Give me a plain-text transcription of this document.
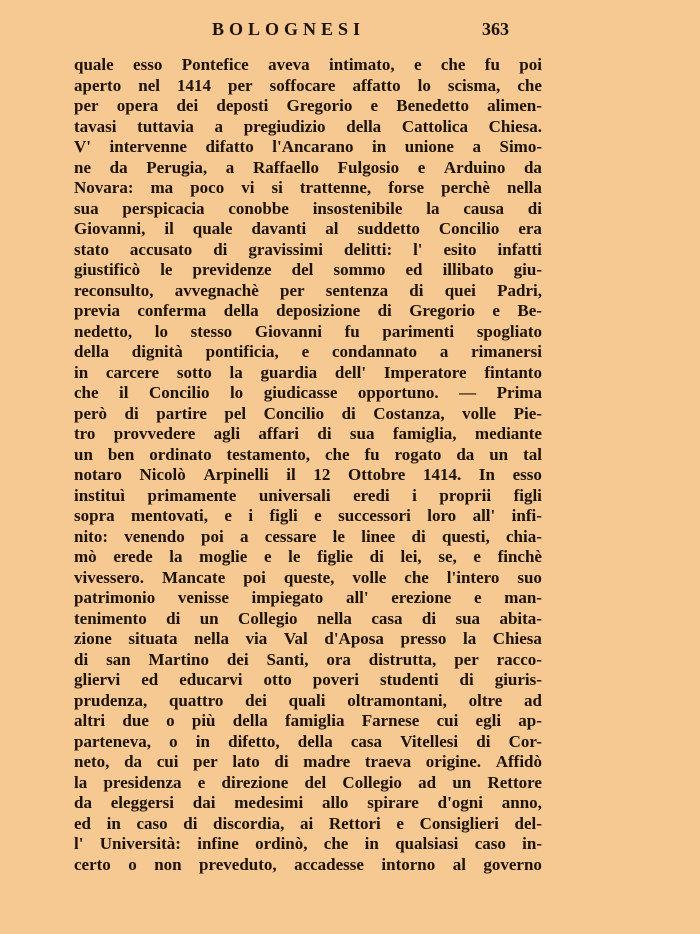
BOLOGNESI	363
quale esso Pontefice aveva intimato, e che fu poi
aperto nel 1414 per soffocare affatto lo scisma, che
per opera dei deposti Gregorio e Benedetto alimen-
tavasi tuttavia a pregiudizio della Cattolica Chiesa.
V' intervenne difatto l'Ancarano in unione a Simo-
ne da Perugia, a Raffaello Fulgosio e Arduino da
Novara: ma poco vi si trattenne, forse perchè nella
sua perspicacia conobbe insostenibile la causa di
Giovanni, il quale davanti al suddetto Concilio era
stato accusato di gravissimi delitti: l' esito infatti
giustificò le previdenze del sommo ed illibato giu-
reconsulto, avvegnachè per sentenza di quei Padri,
previa conferma della deposizione di Gregorio e Be-
nedetto, lo stesso Giovanni fu parimenti spogliato
della dignità pontificia, e condannato a rimanersi
in carcere sotto la guardia dell' Imperatore fintanto
che il Concilio lo giudicasse opportuno. — Prima
però di partire pel Concilio di Costanza, volle Pie-
tro provvedere agli affari di sua famiglia, mediante
un ben ordinato testamento, che fu rogato da un tal
notaro Nicolò Arpinelli il 12 Ottobre 1414. In esso
instituì primamente universali eredi i proprii figli
sopra mentovati, e i figli e successori loro all' infi-
nito: venendo poi a cessare le linee di questi, chia-
mò erede la moglie e le figlie di lei, se, e finchè
vivessero. Mancate poi queste, volle che l'intero suo
patrimonio venisse impiegato all' erezione e man-
tenimento di un Collegio nella casa di sua abita-
zione situata nella via Val d'Aposa presso la Chiesa
di san Martino dei Santi, ora distrutta, per racco-
gliervi ed educarvi otto poveri studenti di giuris-
prudenza, quattro dei quali oltramontani, oltre ad
altri due o più della famiglia Farnese cui egli ap-
parteneva, o in difetto, della casa Vitellesi di Cor-
neto, da cui per lato di madre traeva origine. Affidò
la presidenza e direzione del Collegio ad un Rettore
da eleggersi dai medesimi allo spirare d'ogni anno,
ed in caso di discordia, ai Rettori e Consiglieri del-
l' Università: infine ordinò, che in qualsiasi caso in-
certo o non preveduto, accadesse intorno al governo
